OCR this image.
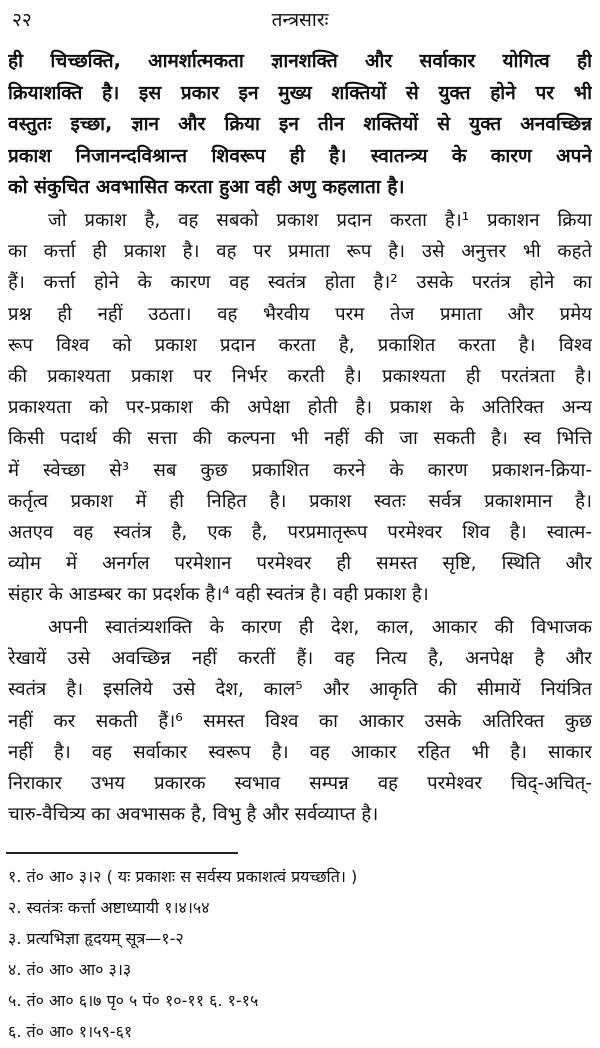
२२	तन्त्रसारः
ही चिच्छक्ति, आमर्शात्मकता ज्ञानशक्ति और सर्वाकार योगित्व ही
क्रियाशक्ति है। इस प्रकार इन मुख्य शक्तियों से युक्त होने पर भी
वस्तुतः इच्छा, ज्ञान और क्रिया इन तीन शक्तियों से युक्त अनवच्छिन्न
प्रकाश निजानन्दविश्रान्त शिवरूप ही है। स्वातन्त्र्य के कारण अपने
को संकुचित अवभासित करता हुआ वही अणु कहलाता है।
जो प्रकाश है, वह सबको प्रकाश प्रदान करता है।¹ प्रकाशन क्रिया
का कर्त्ता ही प्रकाश है। वह पर प्रमाता रूप है। उसे अनुत्तर भी कहते
हैं। कर्त्ता होने के कारण वह स्वतंत्र होता है।² उसके परतंत्र होने का
प्रश्न ही नहीं उठता। वह भैरवीय परम तेज प्रमाता और प्रमेय
रूप विश्व को प्रकाश प्रदान करता है, प्रकाशित करता है। विश्व
की प्रकाश्यता प्रकाश पर निर्भर करती है। प्रकाश्यता ही परतंत्रता है।
प्रकाश्यता को पर-प्रकाश की अपेक्षा होती है। प्रकाश के अतिरिक्त अन्य
किसी पदार्थ की सत्ता की कल्पना भी नहीं की जा सकती है। स्व भित्ति
में स्वेच्छा से³ सब कुछ प्रकाशित करने के कारण प्रकाशन-क्रिया-
कर्तृत्व प्रकाश में ही निहित है। प्रकाश स्वतः सर्वत्र प्रकाशमान है।
अतएव वह स्वतंत्र है, एक है, परप्रमातृरूप परमेश्वर शिव है। स्वात्म-
व्योम में अनर्गल परमेशान परमेश्वर ही समस्त सृष्टि, स्थिति और
संहार के आडम्बर का प्रदर्शक है।⁴ वही स्वतंत्र है। वही प्रकाश है।
अपनी स्वातंत्र्यशक्ति के कारण ही देश, काल, आकार की विभाजक
रेखायें उसे अवच्छिन्न नहीं करतीं हैं। वह नित्य है, अनपेक्ष है और
स्वतंत्र है। इसलिये उसे देश, काल⁵ और आकृति की सीमायें नियंत्रित
नहीं कर सकती हैं।⁶ समस्त विश्व का आकार उसके अतिरिक्त कुछ
नहीं है। वह सर्वाकार स्वरूप है। वह आकार रहित भी है। साकार
निराकार उभय प्रकारक स्वभाव सम्पन्न वह परमेश्वर चिद्-अचित्-
चारु-वैचित्र्य का अवभासक है, विभु है और सर्वव्याप्त है।
१. तं० आ० ३।२ ( यः प्रकाशः स सर्वस्य प्रकाशत्वं प्रयच्छति। )
२. स्वतंत्रः कर्त्ता अष्टाध्यायी १।४।५४
३. प्रत्यभिज्ञा हृदयम् सूत्र—१-२
४. तं० आ० आ० ३।३
५. तं० आ० ६।७ पृ० ५ पं० १०-११ ६. १-१५
६. तं० आ० १।५९-६१
